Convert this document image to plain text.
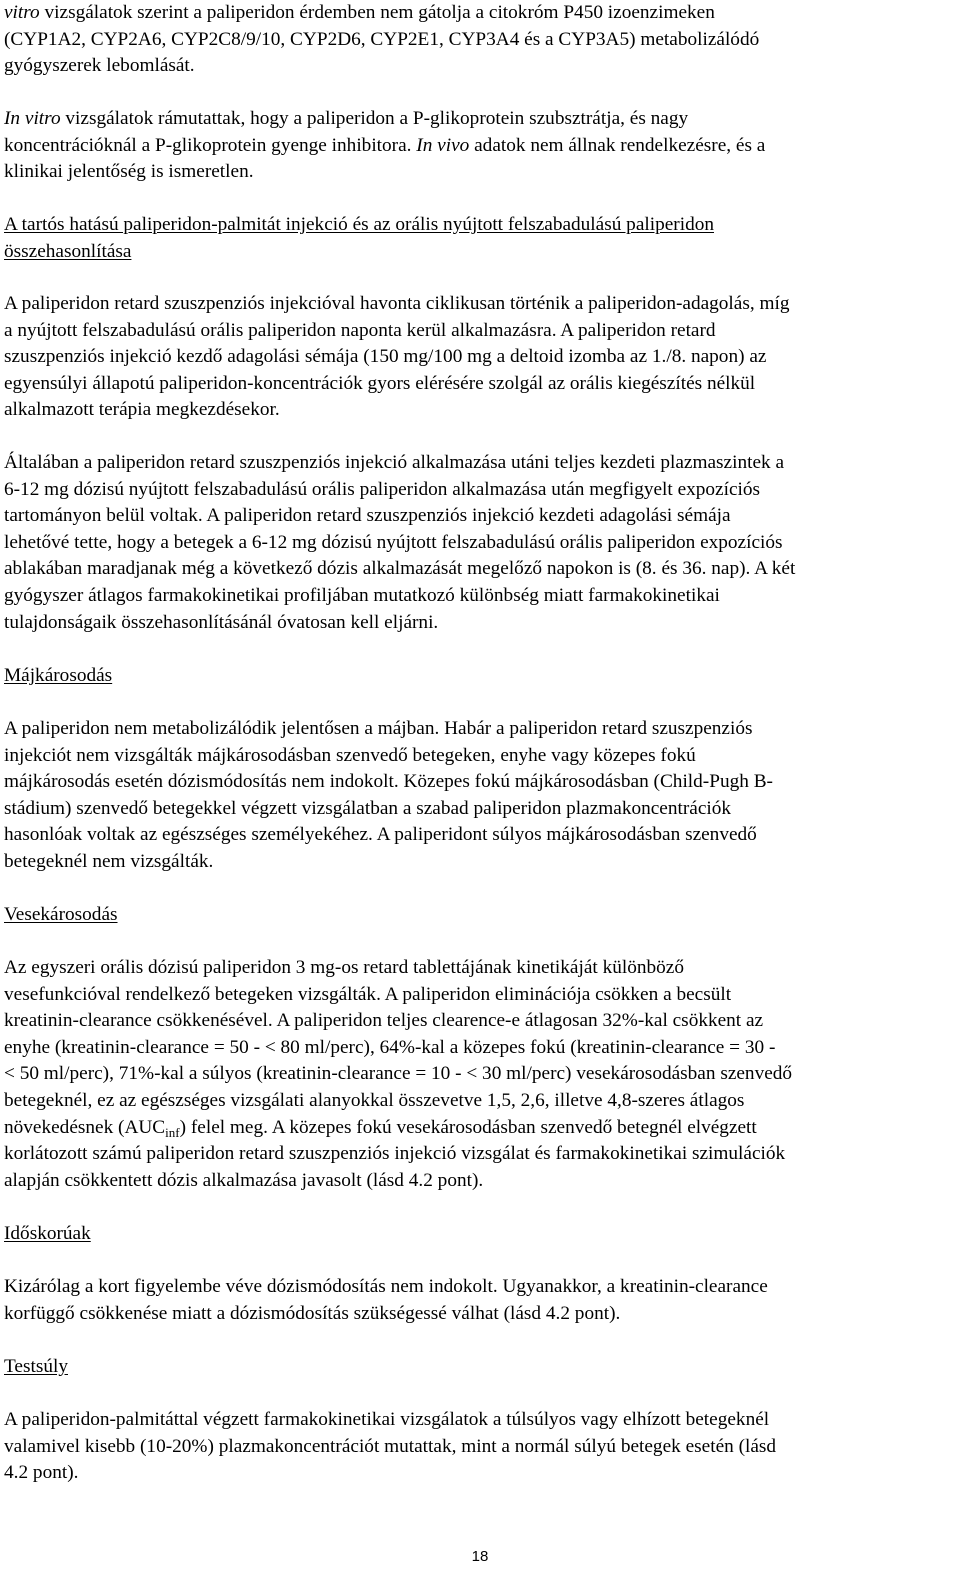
vitro vizsgálatok szerint a paliperidon érdemben nem gátolja a citokróm P450 izoenzimeken
(CYP1A2, CYP2A6, CYP2C8/9/10, CYP2D6, CYP2E1, CYP3A4 és a CYP3A5) metabolizálódó
gyógyszerek lebomlását.

In vitro vizsgálatok rámutattak, hogy a paliperidon a P-glikoprotein szubsztrátja, és nagy
koncentrációknál a P-glikoprotein gyenge inhibitora. In vivo adatok nem állnak rendelkezésre, és a
klinikai jelentőség is ismeretlen.

A tartós hatású paliperidon-palmitát injekció és az orális nyújtott felszabadulású paliperidon
összehasonlítása

A paliperidon retard szuszpenziós injekcióval havonta ciklikusan történik a paliperidon-adagolás, míg
a nyújtott felszabadulású orális paliperidon naponta kerül alkalmazásra. A paliperidon retard
szuszpenziós injekció kezdő adagolási sémája (150 mg/100 mg a deltoid izomba az 1./8. napon) az
egyensúlyi állapotú paliperidon-koncentrációk gyors elérésére szolgál az orális kiegészítés nélkül
alkalmazott terápia megkezdésekor.

Általában a paliperidon retard szuszpenziós injekció alkalmazása utáni teljes kezdeti plazmaszintek a
6-12 mg dózisú nyújtott felszabadulású orális paliperidon alkalmazása után megfigyelt expozíciós
tartományon belül voltak. A paliperidon retard szuszpenziós injekció kezdeti adagolási sémája
lehetővé tette, hogy a betegek a 6-12 mg dózisú nyújtott felszabadulású orális paliperidon expozíciós
ablakában maradjanak még a következő dózis alkalmazását megelőző napokon is (8. és 36. nap). A két
gyógyszer átlagos farmakokinetikai profiljában mutatkozó különbség miatt farmakokinetikai
tulajdonságaik összehasonlításánál óvatosan kell eljárni.

Májkárosodás

A paliperidon nem metabolizálódik jelentősen a májban. Habár a paliperidon retard szuszpenziós
injekciót nem vizsgálták májkárosodásban szenvedő betegeken, enyhe vagy közepes fokú
májkárosodás esetén dózismódosítás nem indokolt. Közepes fokú májkárosodásban (Child-Pugh B-
stádium) szenvedő betegekkel végzett vizsgálatban a szabad paliperidon plazmakoncentrációk
hasonlóak voltak az egészséges személyekéhez. A paliperidont súlyos májkárosodásban szenvedő
betegeknél nem vizsgálták.

Vesekárosodás

Az egyszeri orális dózisú paliperidon 3 mg-os retard tablettájának kinetikáját különböző
vesefunkcióval rendelkező betegeken vizsgálták. A paliperidon eliminációja csökken a becsült
kreatinin-clearance csökkenésével. A paliperidon teljes clearence-e átlagosan 32%-kal csökkent az
enyhe (kreatinin-clearance = 50 - < 80 ml/perc), 64%-kal a közepes fokú (kreatinin-clearance = 30 -
< 50 ml/perc), 71%-kal a súlyos (kreatinin-clearance = 10 - < 30 ml/perc) vesekárosodásban szenvedő
betegeknél, ez az egészséges vizsgálati alanyokkal összevetve 1,5, 2,6, illetve 4,8-szeres átlagos
növekedésnek $(AUC_{inf})$ felel meg. A közepes fokú vesekárosodásban szenvedő betegnél elvégzett
korlátozott számú paliperidon retard szuszpenziós injekció vizsgálat és farmakokinetikai szimulációk
alapján csökkentett dózis alkalmazása javasolt (lásd 4.2 pont).

Időskorúak

Kizárólag a kort figyelembe véve dózismódosítás nem indokolt. Ugyanakkor, a kreatinin-clearance
korfüggő csökkenése miatt a dózismódosítás szükségessé válhat (lásd 4.2 pont).

Testsúly

A paliperidon-palmitáttal végzett farmakokinetikai vizsgálatok a túlsúlyos vagy elhízott betegeknél
valamivel kisebb (10-20%) plazmakoncentrációt mutattak, mint a normál súlyú betegek esetén (lásd
4.2 pont).

18
